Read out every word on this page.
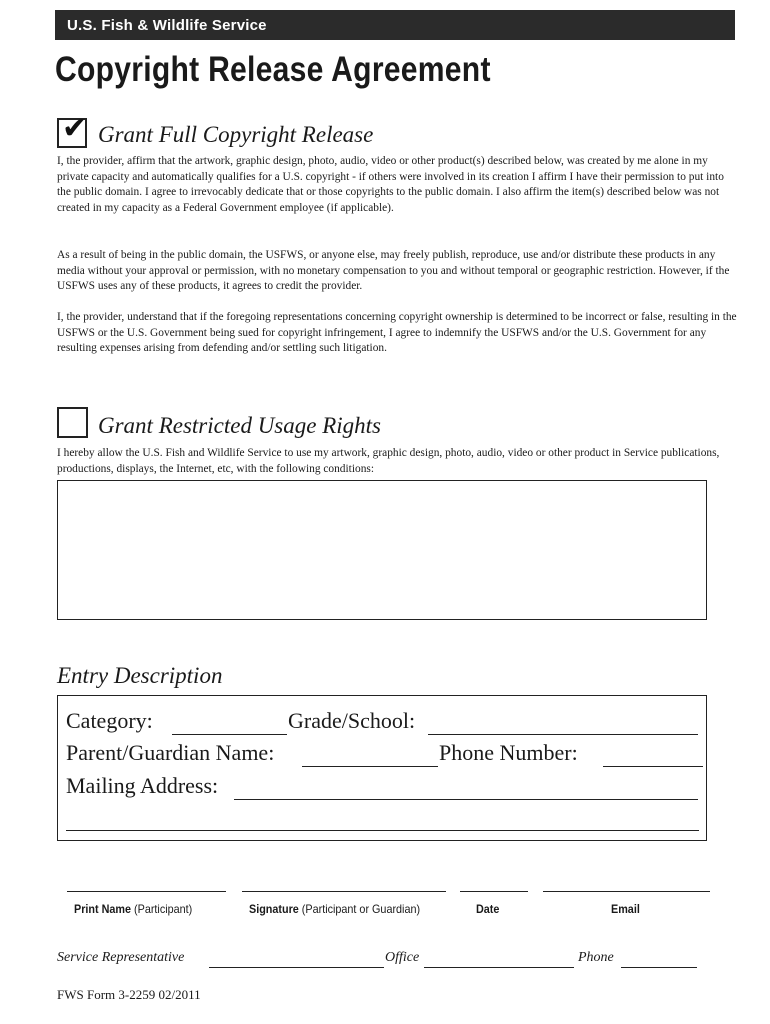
U.S. Fish & Wildlife Service
Copyright Release Agreement
✔ Grant Full Copyright Release
I, the provider, affirm that the artwork, graphic design, photo, audio, video or other product(s) described below, was created by me alone in my private capacity and automatically qualifies for a U.S. copyright - if others were involved in its creation I affirm I have their permission to put into the public domain. I agree to irrevocably dedicate that or those copyrights to the public domain. I also affirm the item(s) described below was not created in my capacity as a Federal Government employee (if applicable).
As a result of being in the public domain, the USFWS, or anyone else, may freely publish, reproduce, use and/or distribute these products in any media without your approval or permission, with no monetary compensation to you and without temporal or geographic restriction. However, if the USFWS uses any of these products, it agrees to credit the provider.
I, the provider, understand that if the foregoing representations concerning copyright ownership is determined to be incorrect or false, resulting in the USFWS or the U.S. Government being sued for copyright infringement, I agree to indemnify the USFWS and/or the U.S. Government for any resulting expenses arising from defending and/or settling such litigation.
Grant Restricted Usage Rights
I hereby allow the U.S. Fish and Wildlife Service to use my artwork, graphic design, photo, audio, video or other product in Service publications, productions, displays, the Internet, etc, with the following conditions:
Entry Description
Category:	Grade/School:
Parent/Guardian Name:	Phone Number:
Mailing Address:
Print Name (Participant)	Signature (Participant or Guardian)	Date	Email
Service Representative	Office	Phone
FWS Form 3-2259 02/2011
